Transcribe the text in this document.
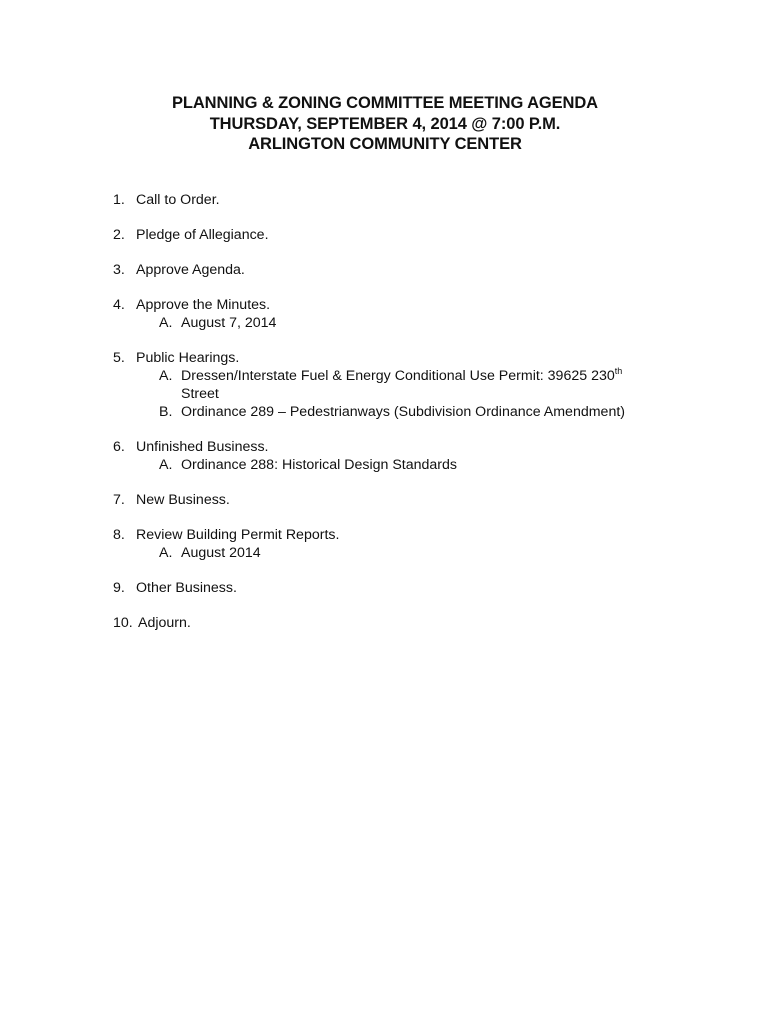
PLANNING & ZONING COMMITTEE MEETING AGENDA
THURSDAY, SEPTEMBER 4, 2014 @ 7:00 P.M.
ARLINGTON COMMUNITY CENTER
1. Call to Order.
2. Pledge of Allegiance.
3. Approve Agenda.
4. Approve the Minutes.
A. August 7, 2014
5. Public Hearings.
A. Dressen/Interstate Fuel & Energy Conditional Use Permit: 39625 230th
Street
B. Ordinance 289 – Pedestrianways (Subdivision Ordinance Amendment)
6. Unfinished Business.
A. Ordinance 288: Historical Design Standards
7. New Business.
8. Review Building Permit Reports.
A. August 2014
9. Other Business.
10. Adjourn.
